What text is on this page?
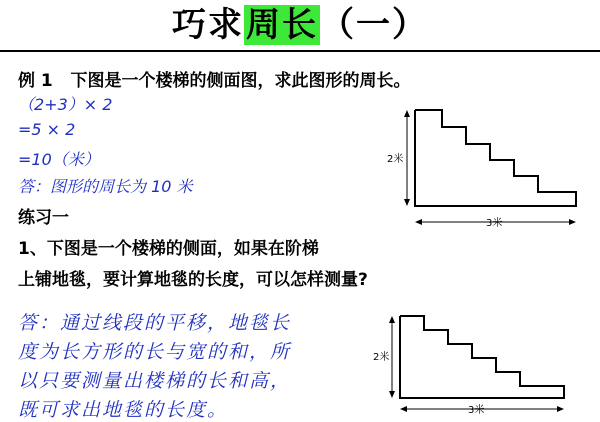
巧求周长（一）
例 1 下图是一个楼梯的侧面图，求此图形的周长。
（2+3）× 2
=5 × 2
=10（米）
答：图形的周长为 10 米
练习一
1、下图是一个楼梯的侧面，如果在阶梯
上铺地毯，要计算地毯的长度，可以怎样测量?
答：通过线段的平移，地毯长
度为长方形的长与宽的和，所
以只要测量出楼梯的长和高，
既可求出地毯的长度。
2米
3米
2米
3米
